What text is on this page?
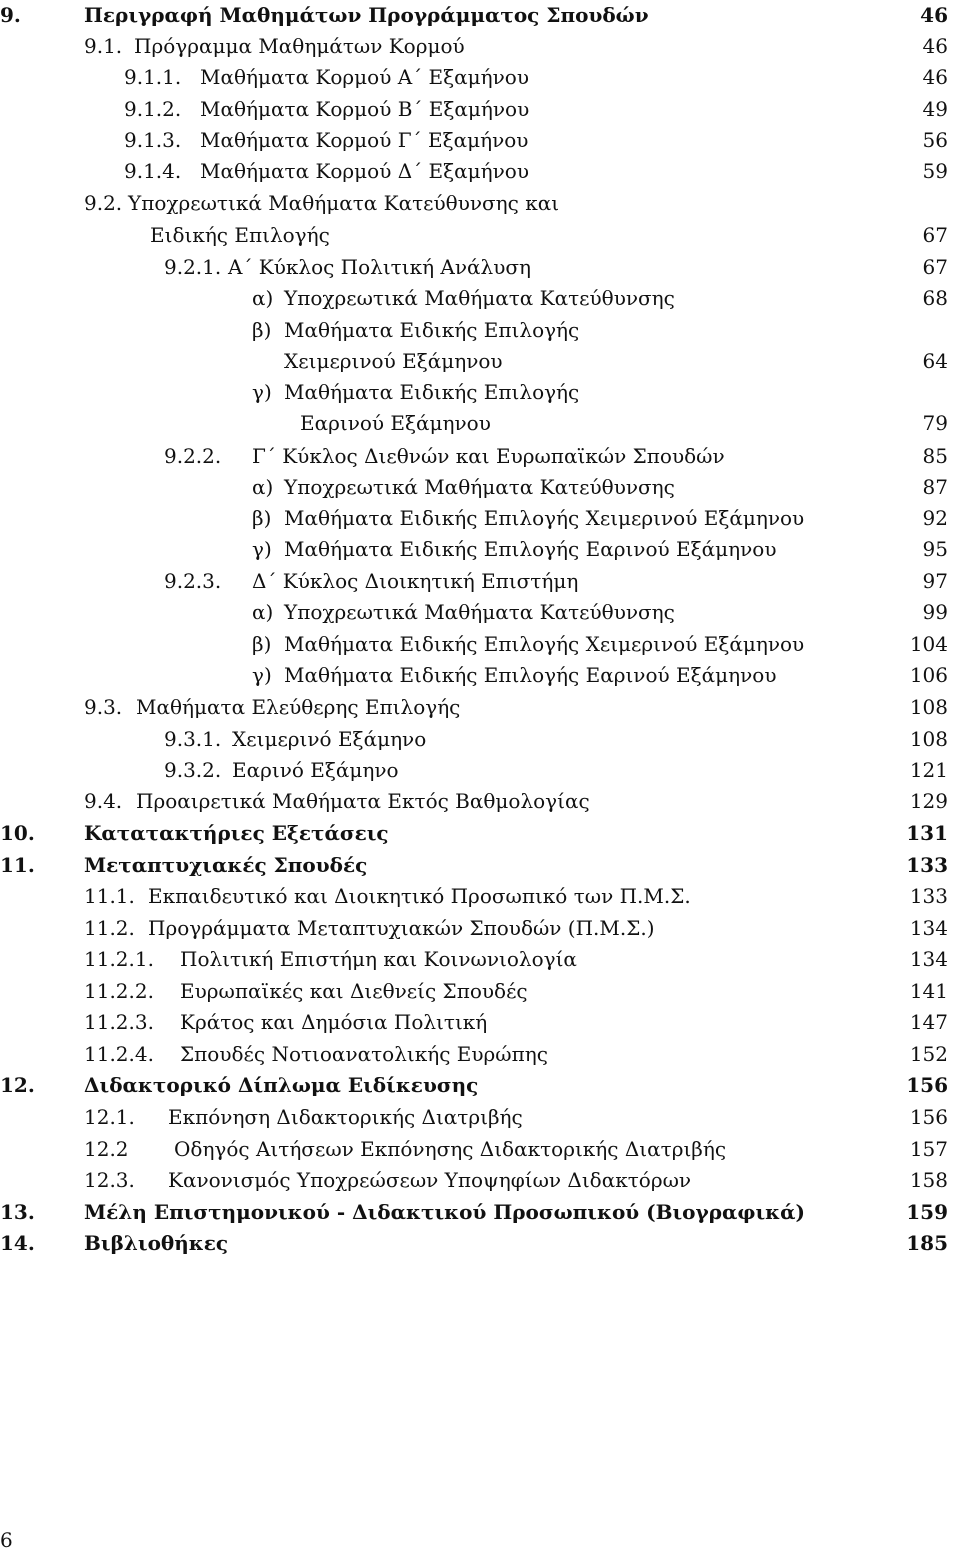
9.	Περιγραφή Μαθημάτων Προγράμματος Σπουδών	46
9.1. Πρόγραμμα Μαθημάτων Κορμού	46
9.1.1. Μαθήματα Κορμού Α΄ Εξαμήνου	46
9.1.2. Μαθήματα Κορμού Β΄ Εξαμήνου	49
9.1.3. Μαθήματα Κορμού Γ΄ Εξαμήνου	56
9.1.4. Μαθήματα Κορμού Δ΄ Εξαμήνου	59
9.2. Υποχρεωτικά Μαθήματα Κατεύθυνσης και
Ειδικής Επιλογής	67
9.2.1. Α΄ Κύκλος Πολιτική Ανάλυση	67
α) Υποχρεωτικά Μαθήματα Κατεύθυνσης	68
β) Μαθήματα Ειδικής Επιλογής
Χειμερινού Εξάμηνου	64
γ) Μαθήματα Ειδικής Επιλογής
Εαρινού Εξάμηνου	79
9.2.2. Γ΄ Κύκλος Διεθνών και Ευρωπαϊκών Σπουδών	85
α) Υποχρεωτικά Μαθήματα Κατεύθυνσης	87
β) Μαθήματα Ειδικής Επιλογής Χειμερινού Εξάμηνου	92
γ) Μαθήματα Ειδικής Επιλογής Εαρινού Εξάμηνου	95
9.2.3. Δ΄ Κύκλος Διοικητική Επιστήμη	97
α) Υποχρεωτικά Μαθήματα Κατεύθυνσης	99
β) Μαθήματα Ειδικής Επιλογής Χειμερινού Εξάμηνου	104
γ) Μαθήματα Ειδικής Επιλογής Εαρινού Εξάμηνου	106
9.3. Μαθήματα Ελεύθερης Επιλογής	108
9.3.1. Χειμερινό Εξάμηνο	108
9.3.2. Εαρινό Εξάμηνο	121
9.4. Προαιρετικά Μαθήματα Εκτός Βαθμολογίας	129
10. Κατατακτήριες Εξετάσεις	131
11. Μεταπτυχιακές Σπουδές	133
11.1. Εκπαιδευτικό και Διοικητικό Προσωπικό των Π.Μ.Σ.	133
11.2. Προγράμματα Μεταπτυχιακών Σπουδών (Π.Μ.Σ.)	134
11.2.1. Πολιτική Επιστήμη και Κοινωνιολογία	134
11.2.2. Ευρωπαϊκές και Διεθνείς Σπουδές	141
11.2.3. Κράτος και Δημόσια Πολιτική	147
11.2.4. Σπουδές Νοτιοανατολικής Ευρώπης	152
12. Διδακτορικό Δίπλωμα Ειδίκευσης	156
12.1. Εκπόνηση Διδακτορικής Διατριβής	156
12.2 Οδηγός Αιτήσεων Εκπόνησης Διδακτορικής Διατριβής	157
12.3. Κανονισμός Υποχρεώσεων Υποψηφίων Διδακτόρων	158
13. Μέλη Επιστημονικού - Διδακτικού Προσωπικού (Βιογραφικά)	159
14. Βιβλιοθήκες	185
6
